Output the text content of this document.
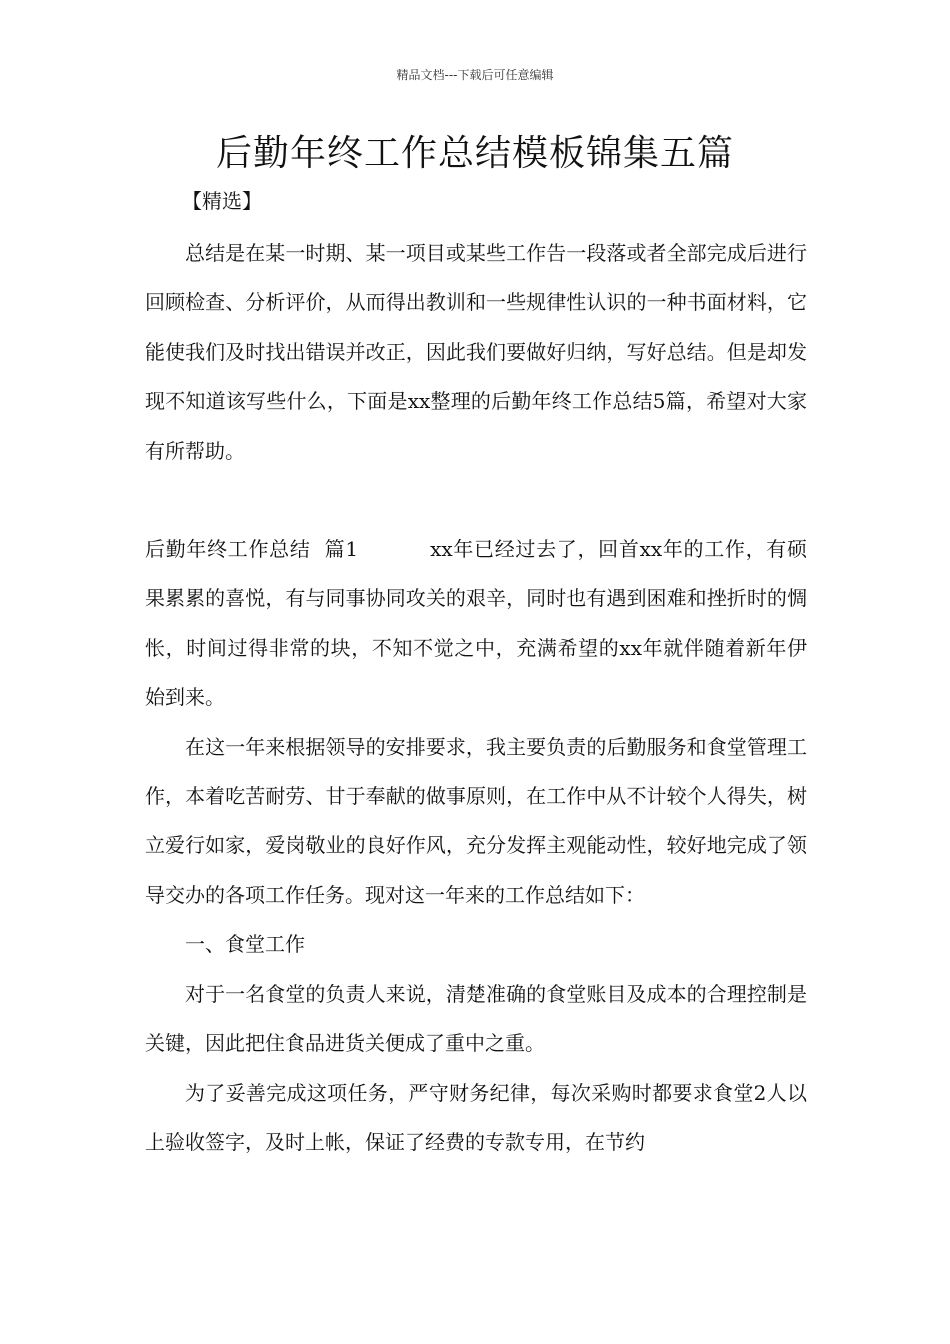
精品文档---下载后可任意编辑
后勤年终工作总结模板锦集五篇
【精选】

总结是在某一时期、某一项目或某些工作告一段落或者全部完成后进行回顾检查、分析评价，从而得出教训和一些规律性认识的一种书面材料，它能使我们及时找出错误并改正，因此我们要做好归纳，写好总结。但是却发现不知道该写些什么，下面是xx整理的后勤年终工作总结5篇，希望对大家有所帮助。

后勤年终工作总结  篇1	xx年已经过去了，回首xx年的工作，有硕果累累的喜悦，有与同事协同攻关的艰辛，同时也有遇到困难和挫折时的惆怅，时间过得非常的块，不知不觉之中，充满希望的xx年就伴随着新年伊始到来。

在这一年来根据领导的安排要求，我主要负责的后勤服务和食堂管理工作，本着吃苦耐劳、甘于奉献的做事原则，在工作中从不计较个人得失，树立爱行如家，爱岗敬业的良好作风，充分发挥主观能动性，较好地完成了领导交办的各项工作任务。现对这一年来的工作总结如下：

一、食堂工作

对于一名食堂的负责人来说，清楚准确的食堂账目及成本的合理控制是关键，因此把住食品进货关便成了重中之重。

为了妥善完成这项任务，严守财务纪律，每次采购时都要求食堂2人以上验收签字，及时上帐，保证了经费的专款专用，在节约
